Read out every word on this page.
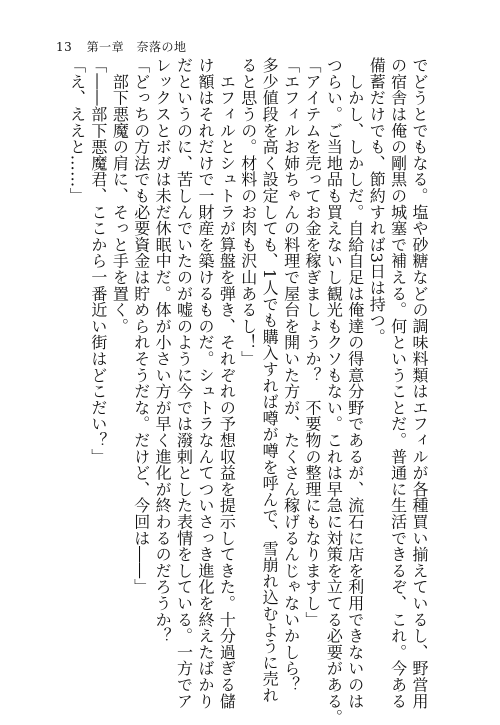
13 第一章 奈落の地

でどうとでもなる。塩や砂糖などの調味料類はエフィルが各種買い揃えているし、野営用

の宿舎は俺の剛黒の城塞で補える。何ということだ。普通に生活できるぞ、これ。今ある

備蓄だけでも、節約すれば3日は持つ。

　しかし、しかしだ。自給自足は俺達の得意分野であるが、流石に店を利用できないのは

つらい。ご当地品も買えないし観光もクソもない。これは早急に対策を立てる必要がある。

「アイテムを売ってお金を稼ぎましょうか？　不要物の整理にもなりますし」

「エフィルお姉ちゃんの料理で屋台を開いた方が、たくさん稼げるんじゃないかしら？

多少値段を高く設定しても、1人でも購入すれば噂が噂を呼んで、雪崩れ込むように売れ

ると思うの。材料のお肉も沢山あるし！」

　エフィルとシュトラが算盤を弾き、それぞれの予想収益を提示してきた。十分過ぎる儲

け額はそれだけで一財産を築けるものだ。シュトラなんてついさっき進化を終えたばかり

だというのに、苦しんでいたのが嘘のように今では潑剌とした表情をしている。一方でア

レックスとボガは未だ休眠中だ。体が小さい方が早く進化が終わるのだろうか？

「どっちの方法でも必要資金は貯められそうだな。だけど、今回は――」

　部下悪魔の肩に、そっと手を置く。

「――部下悪魔君、ここから一番近い街はどこだい？」

「え、ええと……」
